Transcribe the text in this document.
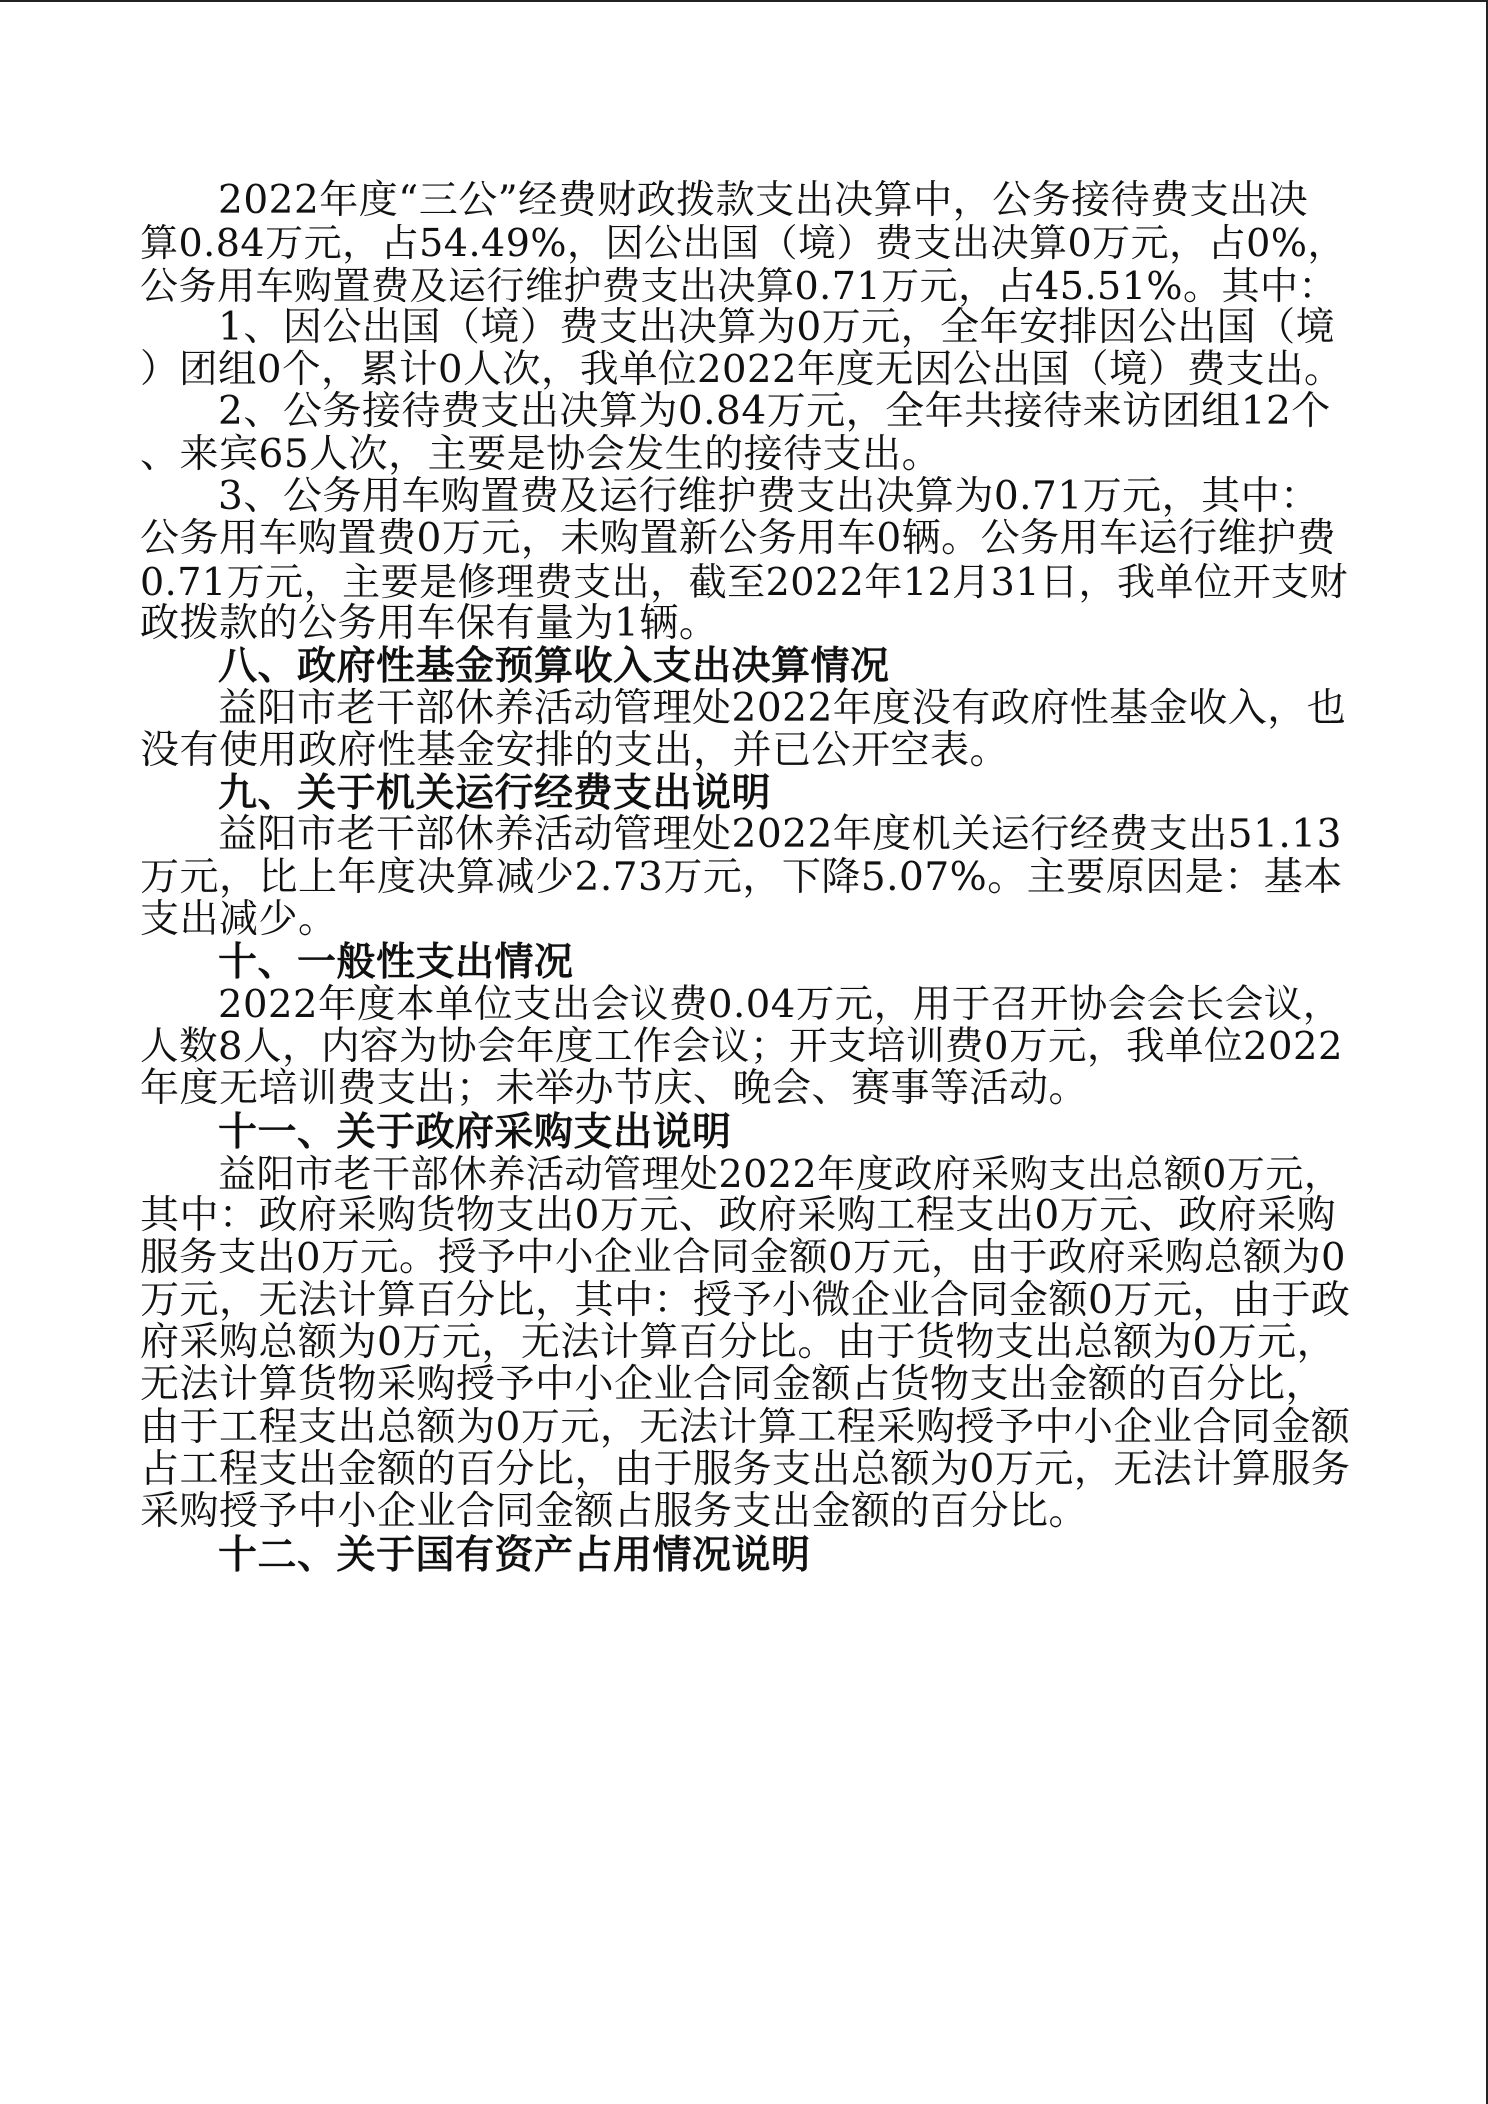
2022年度“三公”经费财政拨款支出决算中，公务接待费支出决
算0.84万元，占54.49%，因公出国（境）费支出决算0万元，占0%，
公务用车购置费及运行维护费支出决算0.71万元，占45.51%。其中：
1、因公出国（境）费支出决算为0万元，全年安排因公出国（境
）团组0个，累计0人次，我单位2022年度无因公出国（境）费支出。
2、公务接待费支出决算为0.84万元，全年共接待来访团组12个
、来宾65人次，主要是协会发生的接待支出。
3、公务用车购置费及运行维护费支出决算为0.71万元，其中：
公务用车购置费0万元，未购置新公务用车0辆。公务用车运行维护费
0.71万元，主要是修理费支出，截至2022年12月31日，我单位开支财
政拨款的公务用车保有量为1辆。
八、政府性基金预算收入支出决算情况
益阳市老干部休养活动管理处2022年度没有政府性基金收入，也
没有使用政府性基金安排的支出，并已公开空表。
九、关于机关运行经费支出说明
益阳市老干部休养活动管理处2022年度机关运行经费支出51.13
万元，比上年度决算减少2.73万元，下降5.07%。主要原因是：基本
支出减少。
十、一般性支出情况
2022年度本单位支出会议费0.04万元，用于召开协会会长会议，
人数8人，内容为协会年度工作会议；开支培训费0万元，我单位2022
年度无培训费支出；未举办节庆、晚会、赛事等活动。
十一、关于政府采购支出说明
益阳市老干部休养活动管理处2022年度政府采购支出总额0万元，
其中：政府采购货物支出0万元、政府采购工程支出0万元、政府采购
服务支出0万元。授予中小企业合同金额0万元，由于政府采购总额为0
万元，无法计算百分比，其中：授予小微企业合同金额0万元，由于政
府采购总额为0万元，无法计算百分比。由于货物支出总额为0万元，
无法计算货物采购授予中小企业合同金额占货物支出金额的百分比，
由于工程支出总额为0万元，无法计算工程采购授予中小企业合同金额
占工程支出金额的百分比，由于服务支出总额为0万元，无法计算服务
采购授予中小企业合同金额占服务支出金额的百分比。
十二、关于国有资产占用情况说明
